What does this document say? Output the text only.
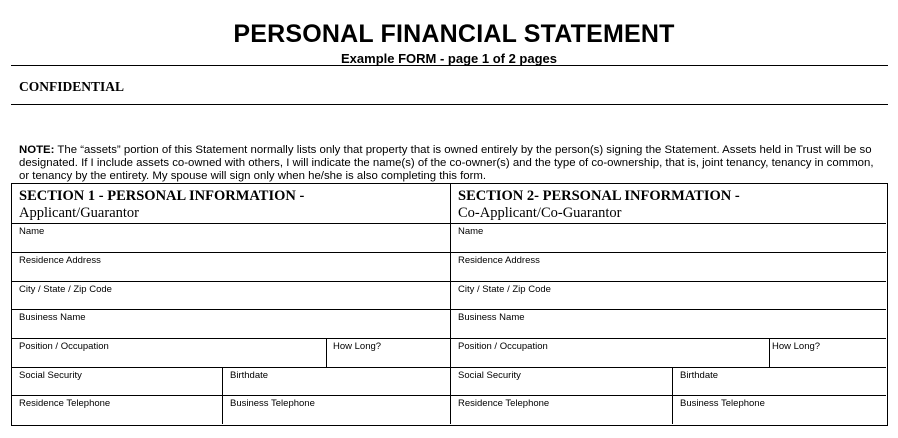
PERSONAL FINANCIAL STATEMENT
Example FORM - page 1 of 2 pages
CONFIDENTIAL
NOTE: The “assets” portion of this Statement normally lists only that property that is owned entirely by the person(s) signing the Statement. Assets held in Trust will be so designated. If I include assets co-owned with others, I will indicate the name(s) of the co-owner(s) and the type of co-ownership, that is, joint tenancy, tenancy in common, or tenancy by the entirety. My spouse will sign only when he/she is also completing this form.
SECTION 1 - PERSONAL INFORMATION -
Applicant/Guarantor
SECTION 2- PERSONAL INFORMATION -
Co-Applicant/Co-Guarantor
Name
Residence Address
City / State / Zip Code
Business Name
Position / Occupation	How Long?
Social Security	Birthdate
Residence Telephone	Business Telephone
Name
Residence Address
City / State / Zip Code
Business Name
Position / Occupation	How Long?
Social Security	Birthdate
Residence Telephone	Business Telephone
